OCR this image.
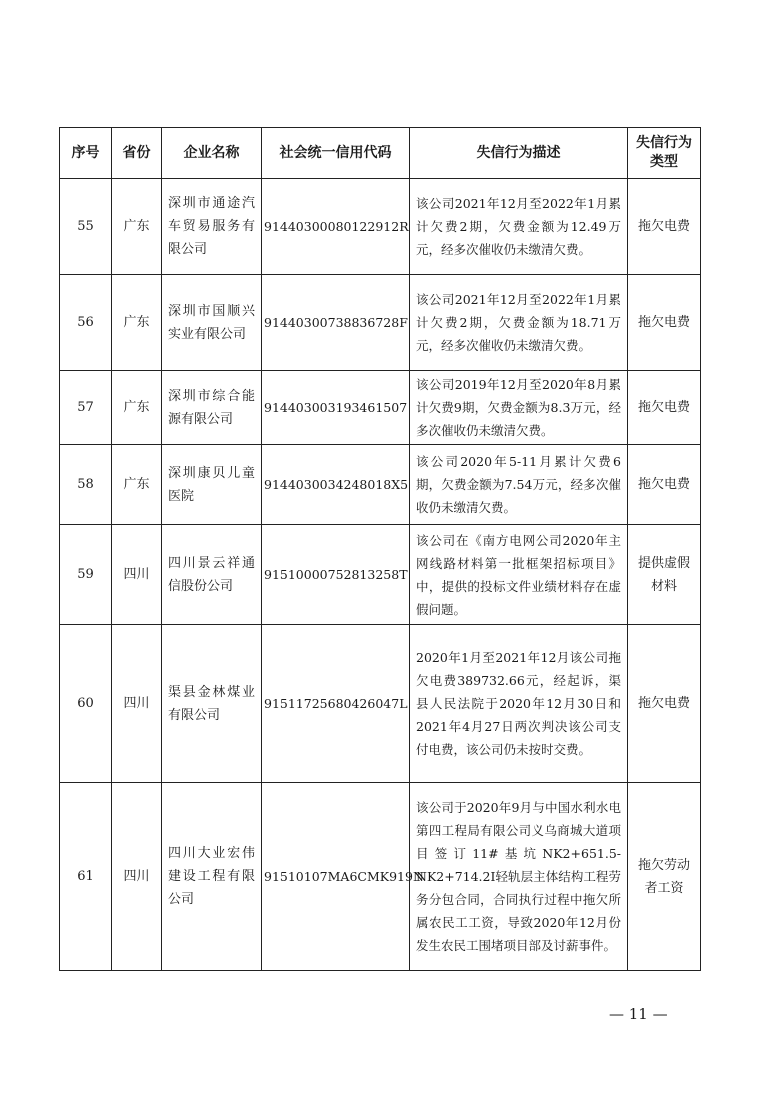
序号	省份	企业名称	社会统一信用代码	失信行为描述	失信行为类型
55	广东	深圳市通途汽车贸易服务有限公司	91440300080122912R	该公司2021年12月至2022年1月累计欠费2期，欠费金额为12.49万元，经多次催收仍未缴清欠费。	拖欠电费
56	广东	深圳市国顺兴实业有限公司	91440300738836728F	该公司2021年12月至2022年1月累计欠费2期，欠费金额为18.71万元，经多次催收仍未缴清欠费。	拖欠电费
57	广东	深圳市综合能源有限公司	914403003193461507	该公司2019年12月至2020年8月累计欠费9期，欠费金额为8.3万元，经多次催收仍未缴清欠费。	拖欠电费
58	广东	深圳康贝儿童医院	9144030034248018X5	该公司2020年5-11月累计欠费6期，欠费金额为7.54万元，经多次催收仍未缴清欠费。	拖欠电费
59	四川	四川景云祥通信股份公司	91510000752813258T	该公司在《南方电网公司2020年主网线路材料第一批框架招标项目》中，提供的投标文件业绩材料存在虚假问题。	提供虚假材料
60	四川	渠县金林煤业有限公司	91511725680426047L	2020年1月至2021年12月该公司拖欠电费389732.66元，经起诉，渠县人民法院于2020年12月30日和2021年4月27日两次判决该公司支付电费，该公司仍未按时交费。	拖欠电费
61	四川	四川大业宏伟建设工程有限公司	91510107MA6CMK919N	该公司于2020年9月与中国水利水电第四工程局有限公司义乌商城大道项目签订11#基坑NK2+651.5-NK2+714.2I轻轨层主体结构工程劳务分包合同，合同执行过程中拖欠所属农民工工资，导致2020年12月份发生农民工围堵项目部及讨薪事件。	拖欠劳动者工资
— 11 —
